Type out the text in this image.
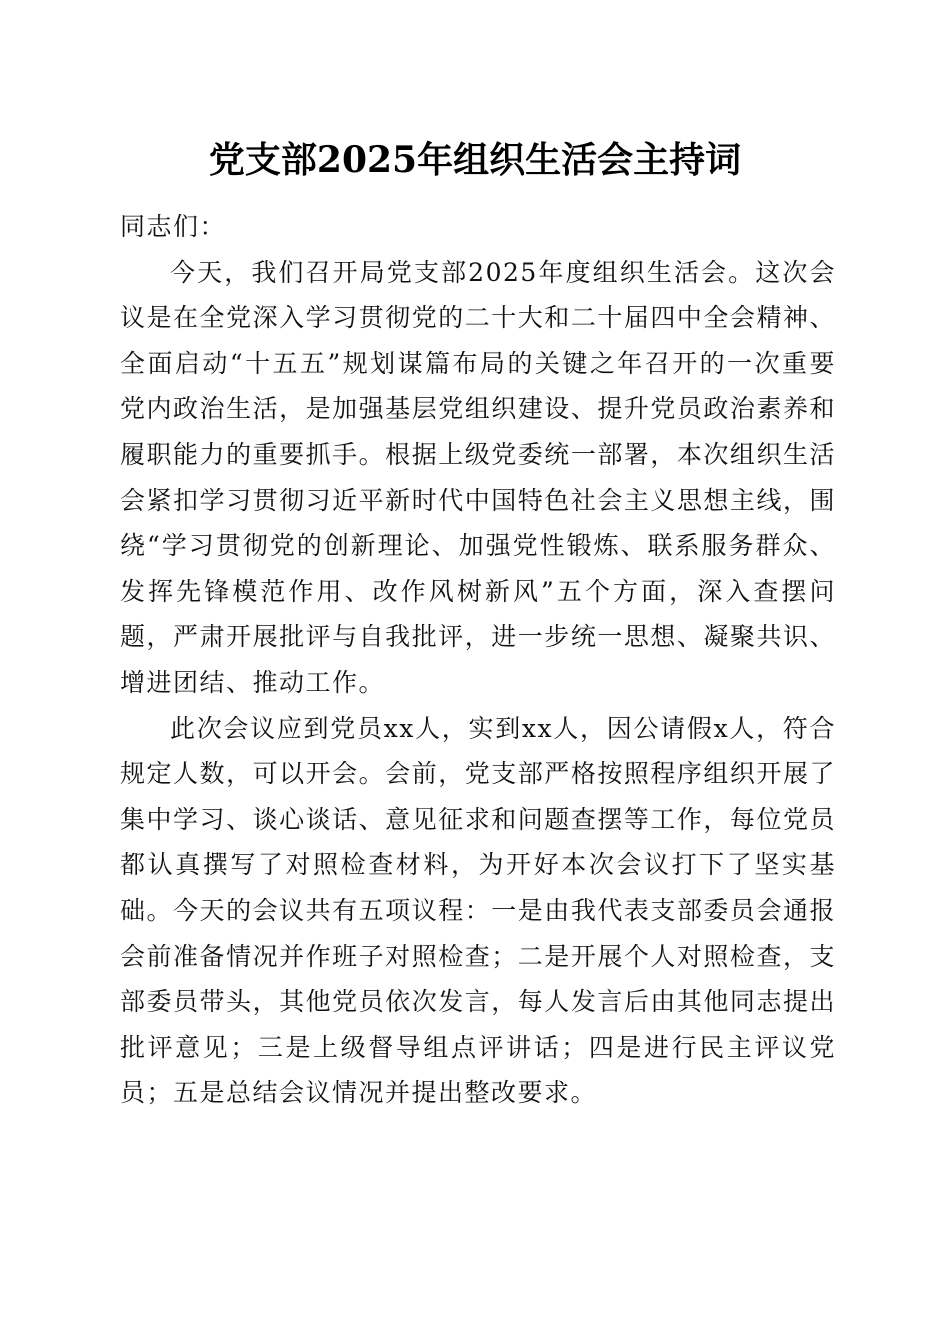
党支部2025年组织生活会主持词

同志们：

今天，我们召开局党支部2025年度组织生活会。这次会议是在全党深入学习贯彻党的二十大和二十届四中全会精神、全面启动“十五五”规划谋篇布局的关键之年召开的一次重要党内政治生活，是加强基层党组织建设、提升党员政治素养和履职能力的重要抓手。根据上级党委统一部署，本次组织生活会紧扣学习贯彻习近平新时代中国特色社会主义思想主线，围绕“学习贯彻党的创新理论、加强党性锻炼、联系服务群众、发挥先锋模范作用、改作风树新风”五个方面，深入查摆问题，严肃开展批评与自我批评，进一步统一思想、凝聚共识、增进团结、推动工作。

此次会议应到党员xx人，实到xx人，因公请假x人，符合规定人数，可以开会。会前，党支部严格按照程序组织开展了集中学习、谈心谈话、意见征求和问题查摆等工作，每位党员都认真撰写了对照检查材料，为开好本次会议打下了坚实基础。今天的会议共有五项议程：一是由我代表支部委员会通报会前准备情况并作班子对照检查；二是开展个人对照检查，支部委员带头，其他党员依次发言，每人发言后由其他同志提出批评意见；三是上级督导组点评讲话；四是进行民主评议党员；五是总结会议情况并提出整改要求。
